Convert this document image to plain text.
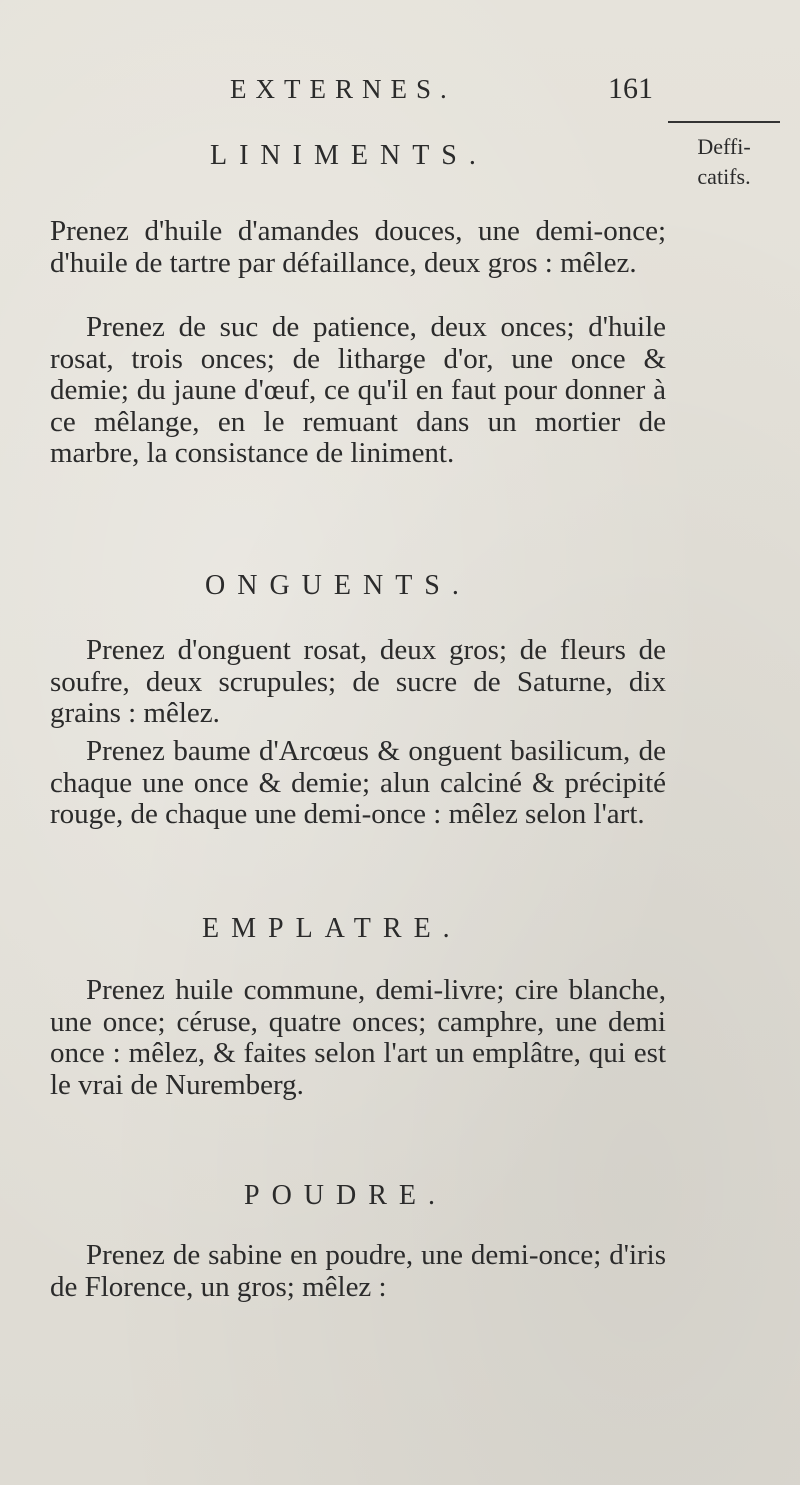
EXTERNES.	161
Deffi-
catifs.
LINIMENTS.

Prenez d'huile d'amandes douces, une demi-once; d'huile de tartre par défaillance, deux gros : mêlez.

Prenez de suc de patience, deux onces; d'huile rosat, trois onces; de litharge d'or, une once & demie; du jaune d'œuf, ce qu'il en faut pour donner à ce mêlange, en le remuant dans un mortier de marbre, la consistance de liniment.

ONGUENTS.

Prenez d'onguent rosat, deux gros; de fleurs de soufre, deux scrupules; de sucre de Saturne, dix grains : mêlez.

Prenez baume d'Arcœus & onguent basilicum, de chaque une once & demie; alun calciné & précipité rouge, de chaque une demi-once : mêlez selon l'art.

EMPLATRE.

Prenez huile commune, demi-livre; cire blanche, une once; céruse, quatre onces; camphre, une demi once : mêlez, & faites selon l'art un emplâtre, qui est le vrai de Nuremberg.

POUDRE.

Prenez de sabine en poudre, une demi-once; d'iris de Florence, un gros; mêlez :
